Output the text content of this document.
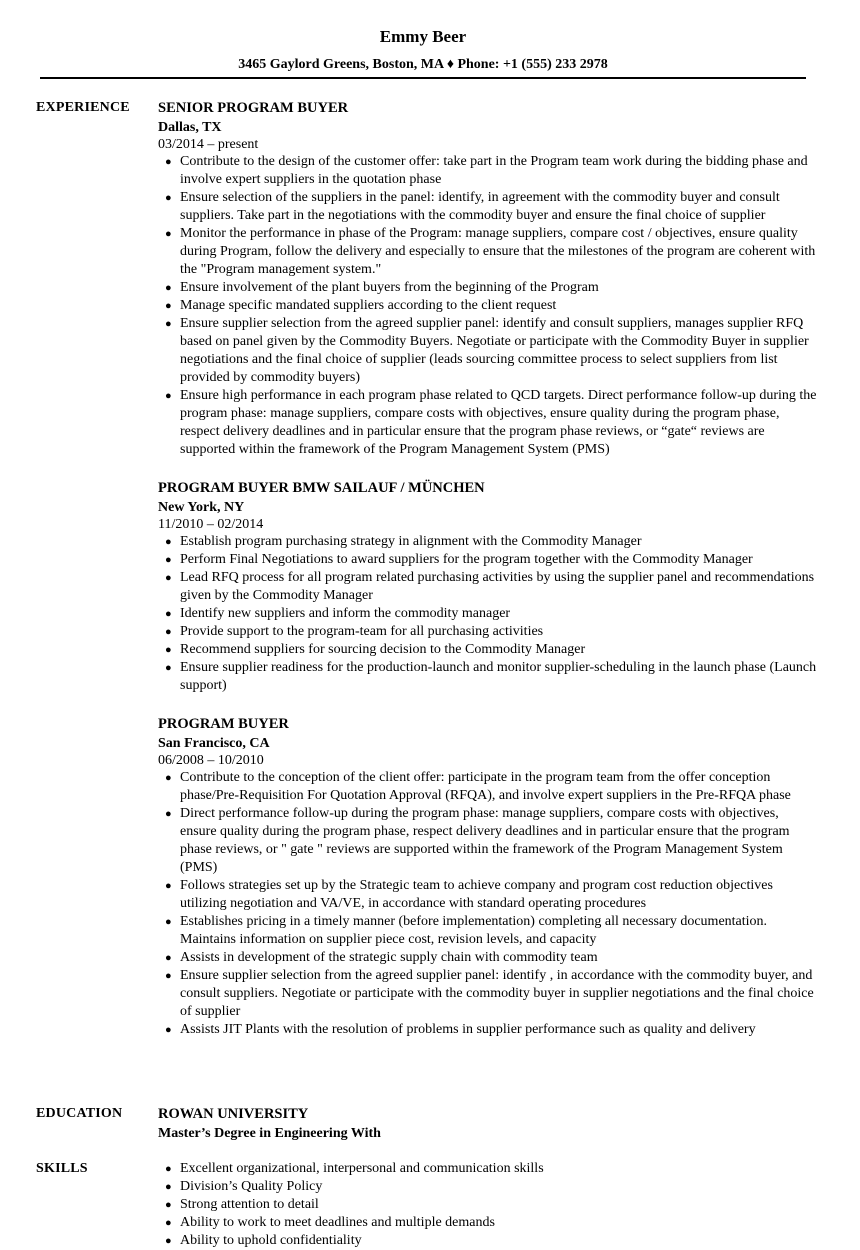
Emmy Beer
3465 Gaylord Greens, Boston, MA ♦ Phone: +1 (555) 233 2978
EXPERIENCE SENIOR PROGRAM BUYER
Dallas, TX
03/2014 – present
● Contribute to the design of the customer offer: take part in the Program team work during the bidding phase and involve expert suppliers in the quotation phase
● Ensure selection of the suppliers in the panel: identify, in agreement with the commodity buyer and consult suppliers. Take part in the negotiations with the commodity buyer and ensure the final choice of supplier
● Monitor the performance in phase of the Program: manage suppliers, compare cost / objectives, ensure quality during Program, follow the delivery and especially to ensure that the milestones of the program are coherent with the "Program management system."
● Ensure involvement of the plant buyers from the beginning of the Program
● Manage specific mandated suppliers according to the client request
● Ensure supplier selection from the agreed supplier panel: identify and consult suppliers, manages supplier RFQ based on panel given by the Commodity Buyers. Negotiate or participate with the Commodity Buyer in supplier negotiations and the final choice of supplier (leads sourcing committee process to select suppliers from list provided by commodity buyers)
● Ensure high performance in each program phase related to QCD targets. Direct performance follow-up during the program phase: manage suppliers, compare costs with objectives, ensure quality during the program phase, respect delivery deadlines and in particular ensure that the program phase reviews, or “gate“ reviews are supported within the framework of the Program Management System (PMS)
PROGRAM BUYER BMW SAILAUF / MÜNCHEN
New York, NY
11/2010 – 02/2014
● Establish program purchasing strategy in alignment with the Commodity Manager
● Perform Final Negotiations to award suppliers for the program together with the Commodity Manager
● Lead RFQ process for all program related purchasing activities by using the supplier panel and recommendations given by the Commodity Manager
● Identify new suppliers and inform the commodity manager
● Provide support to the program-team for all purchasing activities
● Recommend suppliers for sourcing decision to the Commodity Manager
● Ensure supplier readiness for the production-launch and monitor supplier-scheduling in the launch phase (Launch support)
PROGRAM BUYER
San Francisco, CA
06/2008 – 10/2010
● Contribute to the conception of the client offer: participate in the program team from the offer conception phase/Pre-Requisition For Quotation Approval (RFQA), and involve expert suppliers in the Pre-RFQA phase
● Direct performance follow-up during the program phase: manage suppliers, compare costs with objectives, ensure quality during the program phase, respect delivery deadlines and in particular ensure that the program phase reviews, or " gate " reviews are supported within the framework of the Program Management System (PMS)
● Follows strategies set up by the Strategic team to achieve company and program cost reduction objectives utilizing negotiation and VA/VE, in accordance with standard operating procedures
● Establishes pricing in a timely manner (before implementation) completing all necessary documentation. Maintains information on supplier piece cost, revision levels, and capacity
● Assists in development of the strategic supply chain with commodity team
● Ensure supplier selection from the agreed supplier panel: identify , in accordance with the commodity buyer, and consult suppliers. Negotiate or participate with the commodity buyer in supplier negotiations and the final choice of supplier
● Assists JIT Plants with the resolution of problems in supplier performance such as quality and delivery
EDUCATION ROWAN UNIVERSITY
Master’s Degree in Engineering With
SKILLS	● Excellent organizational, interpersonal and communication skills
● Division’s Quality Policy
● Strong attention to detail
● Ability to work to meet deadlines and multiple demands
● Ability to uphold confidentiality
